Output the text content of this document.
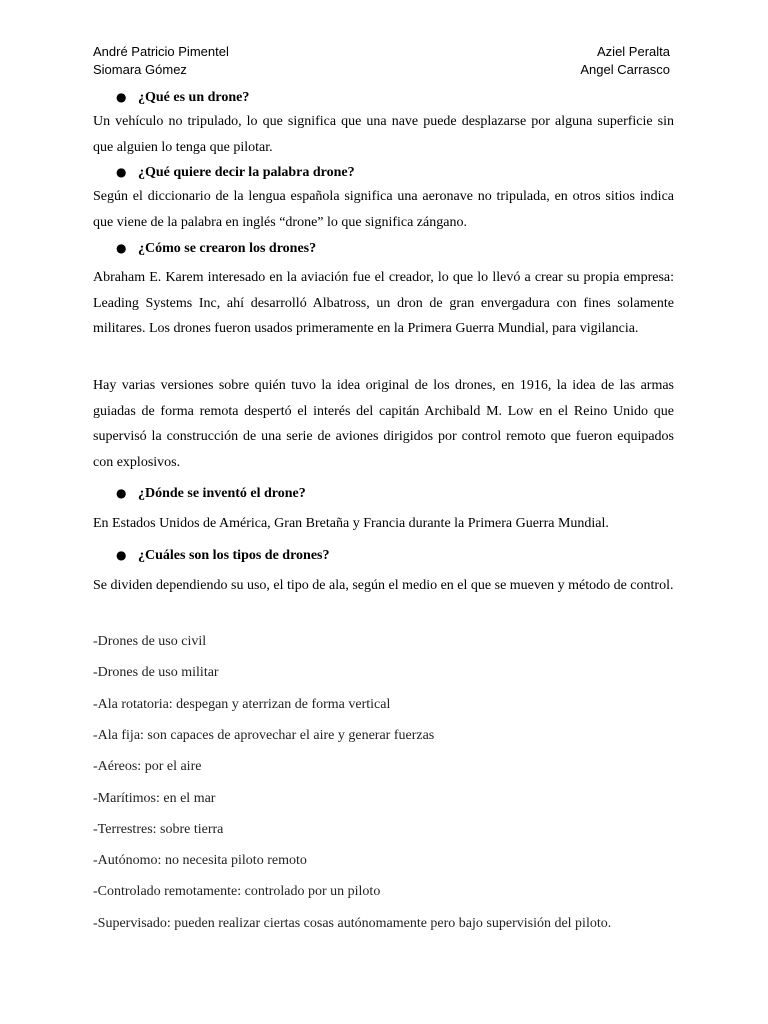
André Patricio Pimentel
Siomara Gómez
Aziel Peralta
Angel Carrasco
● ¿Qué es un drone?
Un vehículo no tripulado, lo que significa que una nave puede desplazarse por alguna superficie sin que alguien lo tenga que pilotar.
● ¿Qué quiere decir la palabra drone?
Según el diccionario de la lengua española significa una aeronave no tripulada, en otros sitios indica que viene de la palabra en inglés “drone” lo que significa zángano.
● ¿Cómo se crearon los drones?
Abraham E. Karem interesado en la aviación fue el creador, lo que lo llevó a crear su propia empresa: Leading Systems Inc, ahí desarrolló Albatross, un dron de gran envergadura con fines solamente militares. Los drones fueron usados primeramente en la Primera Guerra Mundial, para vigilancia.
Hay varias versiones sobre quién tuvo la idea original de los drones, en 1916, la idea de las armas guiadas de forma remota despertó el interés del capitán Archibald M. Low en el Reino Unido que supervisó la construcción de una serie de aviones dirigidos por control remoto que fueron equipados con explosivos.
● ¿Dónde se inventó el drone?
En Estados Unidos de América, Gran Bretaña y Francia durante la Primera Guerra Mundial.
● ¿Cuáles son los tipos de drones?
Se dividen dependiendo su uso, el tipo de ala, según el medio en el que se mueven y método de control.
-Drones de uso civil
-Drones de uso militar
-Ala rotatoria: despegan y aterrizan de forma vertical
-Ala fija: son capaces de aprovechar el aire y generar fuerzas
-Aéreos: por el aire
-Marítimos: en el mar
-Terrestres: sobre tierra
-Autónomo: no necesita piloto remoto
-Controlado remotamente: controlado por un piloto
-Supervisado: pueden realizar ciertas cosas autónomamente pero bajo supervisión del piloto.
